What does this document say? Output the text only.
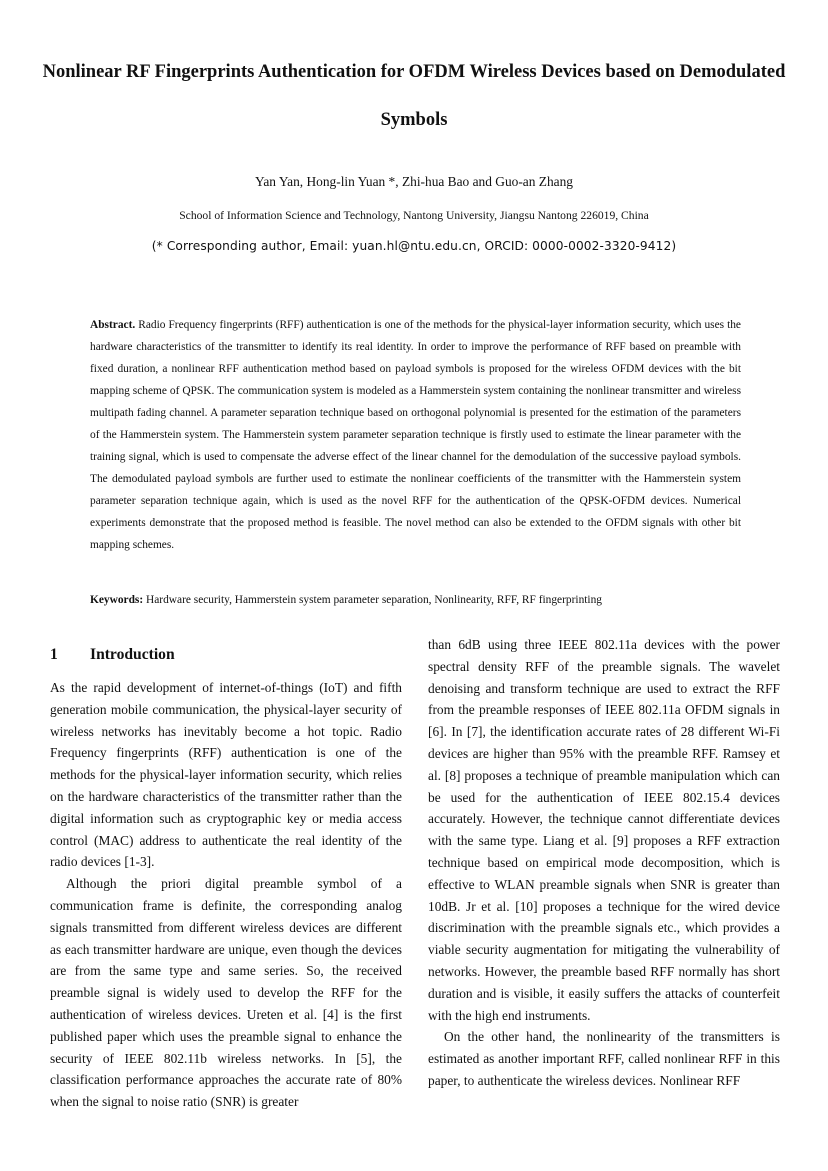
Nonlinear RF Fingerprints Authentication for OFDM Wireless Devices based on Demodulated Symbols

Yan Yan, Hong-lin Yuan *, Zhi-hua Bao and Guo-an Zhang

School of Information Science and Technology, Nantong University, Jiangsu Nantong 226019, China

(* Corresponding author, Email: yuan.hl@ntu.edu.cn, ORCID: 0000-0002-3320-9412)

Abstract. Radio Frequency fingerprints (RFF) authentication is one of the methods for the physical-layer information security, which uses the hardware characteristics of the transmitter to identify its real identity. In order to improve the performance of RFF based on preamble with fixed duration, a nonlinear RFF authentication method based on payload symbols is proposed for the wireless OFDM devices with the bit mapping scheme of QPSK. The communication system is modeled as a Hammerstein system containing the nonlinear transmitter and wireless multipath fading channel. A parameter separation technique based on orthogonal polynomial is presented for the estimation of the parameters of the Hammerstein system. The Hammerstein system parameter separation technique is firstly used to estimate the linear parameter with the training signal, which is used to compensate the adverse effect of the linear channel for the demodulation of the successive payload symbols. The demodulated payload symbols are further used to estimate the nonlinear coefficients of the transmitter with the Hammerstein system parameter separation technique again, which is used as the novel RFF for the authentication of the QPSK-OFDM devices. Numerical experiments demonstrate that the proposed method is feasible. The novel method can also be extended to the OFDM signals with other bit mapping schemes.

Keywords: Hardware security, Hammerstein system parameter separation, Nonlinearity, RFF, RF fingerprinting

1 Introduction

As the rapid development of internet-of-things (IoT) and fifth generation mobile communication, the physical-layer security of wireless networks has inevitably become a hot topic. Radio Frequency fingerprints (RFF) authentication is one of the methods for the physical-layer information security, which relies on the hardware characteristics of the transmitter rather than the digital information such as cryptographic key or media access control (MAC) address to authenticate the real identity of the radio devices [1-3].

Although the priori digital preamble symbol of a communication frame is definite, the corresponding analog signals transmitted from different wireless devices are different as each transmitter hardware are unique, even though the devices are from the same type and same series. So, the received preamble signal is widely used to develop the RFF for the authentication of wireless devices. Ureten et al. [4] is the first published paper which uses the preamble signal to enhance the security of IEEE 802.11b wireless networks. In [5], the classification performance approaches the accurate rate of 80% when the signal to noise ratio (SNR) is greater

than 6dB using three IEEE 802.11a devices with the power spectral density RFF of the preamble signals. The wavelet denoising and transform technique are used to extract the RFF from the preamble responses of IEEE 802.11a OFDM signals in [6]. In [7], the identification accurate rates of 28 different Wi-Fi devices are higher than 95% with the preamble RFF. Ramsey et al. [8] proposes a technique of preamble manipulation which can be used for the authentication of IEEE 802.15.4 devices accurately. However, the technique cannot differentiate devices with the same type. Liang et al. [9] proposes a RFF extraction technique based on empirical mode decomposition, which is effective to WLAN preamble signals when SNR is greater than 10dB. Jr et al. [10] proposes a technique for the wired device discrimination with the preamble signals etc., which provides a viable security augmentation for mitigating the vulnerability of networks. However, the preamble based RFF normally has short duration and is visible, it easily suffers the attacks of counterfeit with the high end instruments.

On the other hand, the nonlinearity of the transmitters is estimated as another important RFF, called nonlinear RFF in this paper, to authenticate the wireless devices. Nonlinear RFF
